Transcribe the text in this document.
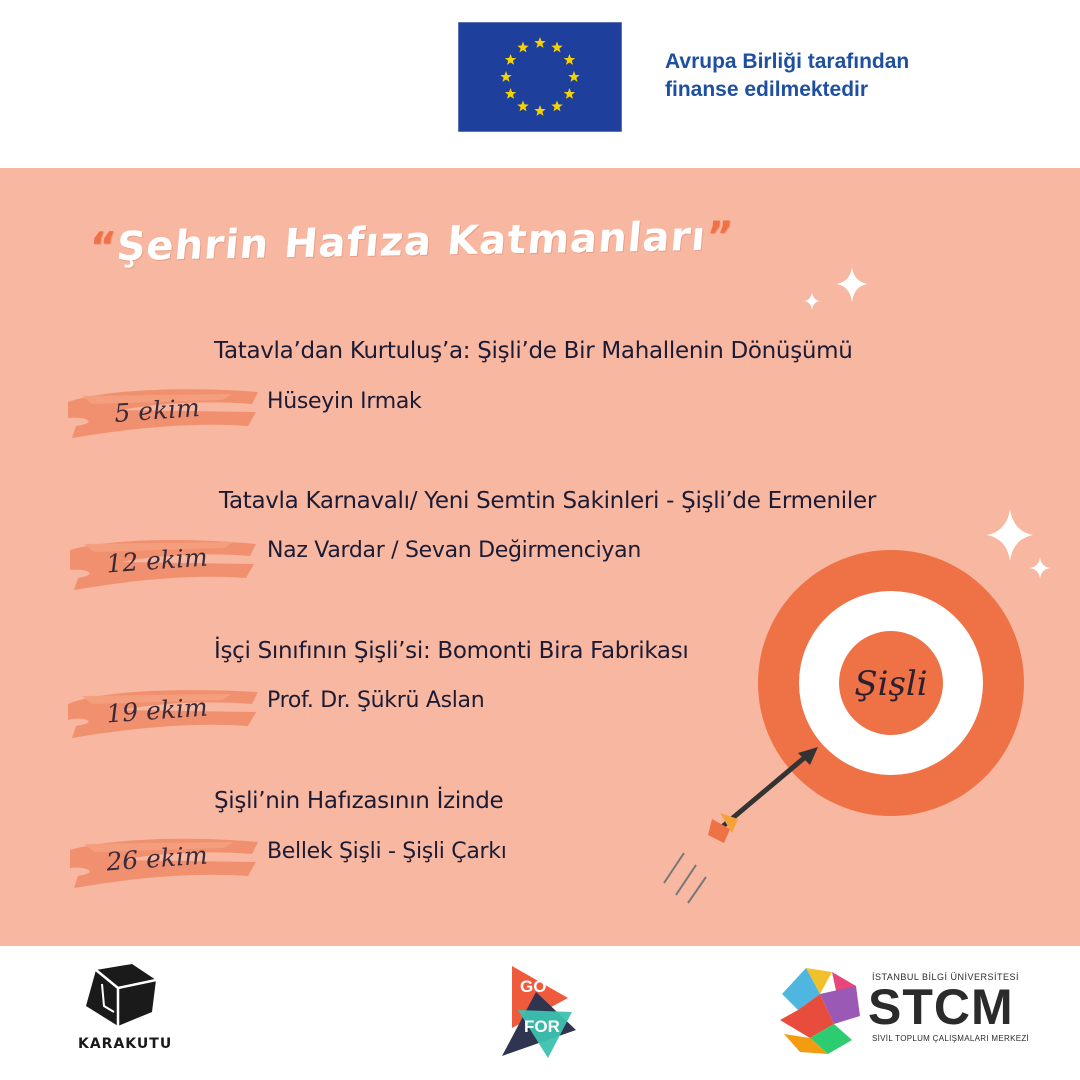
Avrupa Birliği tarafından
finanse edilmektedir
“Şehrin Hafıza Katmanları”
Tatavla’dan Kurtuluş’a: Şişli’de Bir Mahallenin Dönüşümü
5 ekim	Hüseyin Irmak
Tatavla Karnavalı/ Yeni Semtin Sakinleri - Şişli’de Ermeniler
12 ekim	Naz Vardar / Sevan Değirmenciyan
İşçi Sınıfının Şişli’si: Bomonti Bira Fabrikası
19 ekim	Prof. Dr. Şükrü Aslan
Şişli’nin Hafızasının İzinde
26 ekim	Bellek Şişli - Şişli Çarkı
Şişli
KARAKUTU
GO
FOR
İSTANBUL BİLGİ ÜNİVERSİTESİ
STCM
SİVİL TOPLUM ÇALIŞMALARI MERKEZİ
